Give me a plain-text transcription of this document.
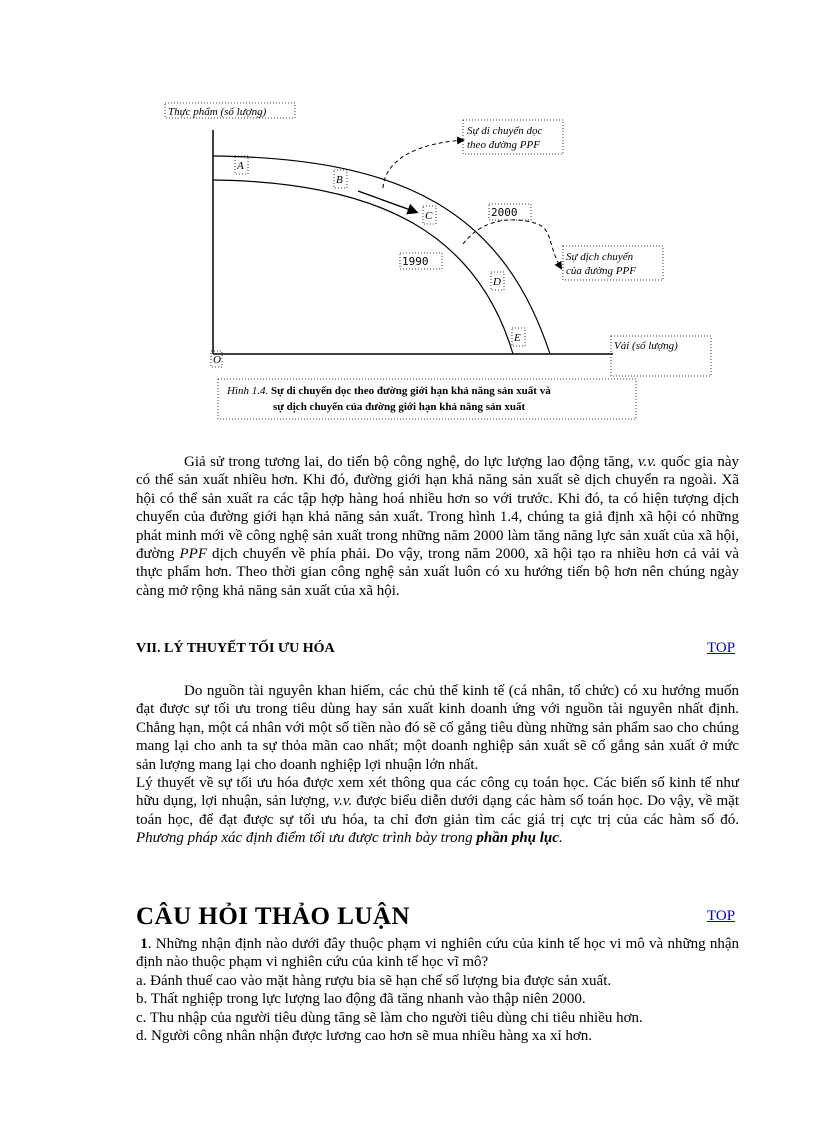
Thực phẩm (số lượng)
Sự di chuyển dọc
theo đường PPF
A
B
C
D
E
2000
1990	Sự dịch chuyển
của đường PPF
O
Vải (số lượng)
Hình 1.4. Sự di chuyển dọc theo đường giới hạn khả năng sản xuất và
sự dịch chuyển của đường giới hạn khả năng sản xuất

Giả sử trong tương lai, do tiến bộ công nghệ, do lực lượng lao động tăng, v.v. quốc gia này có thể sản xuất nhiều hơn. Khi đó, đường giới hạn khả năng sản xuất sẽ dịch chuyển ra ngoài. Xã hội có thể sản xuất ra các tập hợp hàng hoá nhiều hơn so với trước. Khi đó, ta có hiện tượng dịch chuyển của đường giới hạn khả năng sản xuất. Trong hình 1.4, chúng ta giả định xã hội có những phát minh mới về công nghệ sản xuất trong những năm 2000 làm tăng năng lực sản xuất của xã hội, đường PPF dịch chuyển về phía phải. Do vậy, trong năm 2000, xã hội tạo ra nhiều hơn cả vải và thực phẩm hơn. Theo thời gian công nghệ sản xuất luôn có xu hướng tiến bộ hơn nên chúng ngày càng mở rộng khả năng sản xuất của xã hội.

VII. LÝ THUYẾT TỐI ƯU HÓA	TOP

Do nguồn tài nguyên khan hiếm, các chủ thể kinh tế (cá nhân, tổ chức) có xu hướng muốn đạt được sự tối ưu trong tiêu dùng hay sản xuất kinh doanh ứng với nguồn tài nguyên nhất định. Chẳng hạn, một cá nhân với một số tiền nào đó sẽ cố gắng tiêu dùng những sản phẩm sao cho chúng mang lại cho anh ta sự thỏa mãn cao nhất; một doanh nghiệp sản xuất sẽ cố gắng sản xuất ở mức sản lượng mang lại cho doanh nghiệp lợi nhuận lớn nhất.

Lý thuyết về sự tối ưu hóa được xem xét thông qua các công cụ toán học. Các biến số kinh tế như hữu dụng, lợi nhuận, sản lượng, v.v. được biểu diễn dưới dạng các hàm số toán học. Do vậy, về mặt toán học, để đạt được sự tối ưu hóa, ta chỉ đơn giản tìm các giá trị cực trị của các hàm số đó. Phương pháp xác định điểm tối ưu được trình bày trong phần phụ lục.

CÂU HỎI THẢO LUẬN	TOP

1. Những nhận định nào dưới đây thuộc phạm vi nghiên cứu của kinh tế học vi mô và những nhận định nào thuộc phạm vi nghiên cứu của kinh tế học vĩ mô?

a. Đánh thuế cao vào mặt hàng rượu bia sẽ hạn chế số lượng bia được sản xuất.
b. Thất nghiệp trong lực lượng lao động đã tăng nhanh vào thập niên 2000.
c. Thu nhập của người tiêu dùng tăng sẽ làm cho người tiêu dùng chi tiêu nhiều hơn.
d. Người công nhân nhận được lương cao hơn sẽ mua nhiều hàng xa xỉ hơn.
